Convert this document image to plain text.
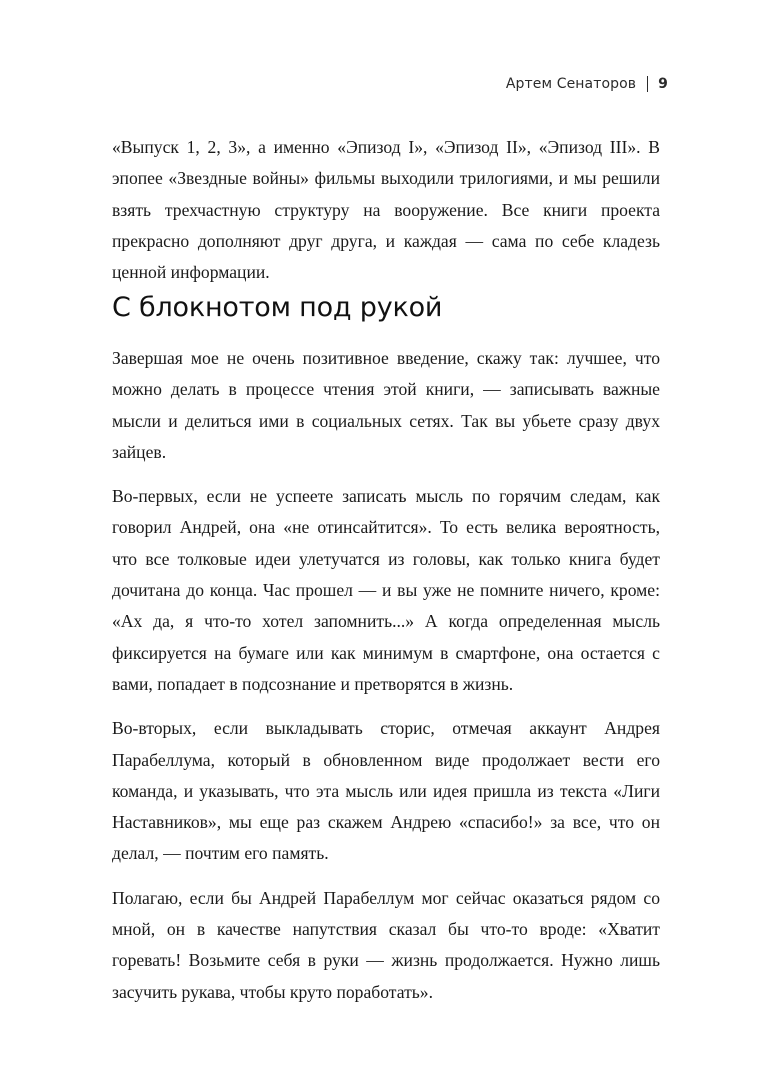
Артем Сенаторов 9

«Выпуск 1, 2, 3», а именно «Эпизод I», «Эпизод II», «Эпизод III». В эпопее «Звездные войны» фильмы выходили трилогиями, и мы решили взять трехчастную структуру на вооружение. Все книги проекта прекрасно дополняют друг друга, и каждая — сама по себе кладезь ценной информации.

С блокнотом под рукой

Завершая мое не очень позитивное введение, скажу так: лучшее, что можно делать в процессе чтения этой книги, — записывать важные мысли и делиться ими в социальных сетях. Так вы убьете сразу двух зайцев.

Во-первых, если не успеете записать мысль по горячим следам, как говорил Андрей, она «не отинсайтится». То есть велика вероятность, что все толковые идеи улетучатся из головы, как только книга будет дочитана до конца. Час прошел — и вы уже не помните ничего, кроме: «Ах да, я что-то хотел запомнить...» А когда определенная мысль фиксируется на бумаге или как минимум в смартфоне, она остается с вами, попадает в подсознание и претворятся в жизнь.

Во-вторых, если выкладывать сторис, отмечая аккаунт Андрея Парабеллума, который в обновленном виде продолжает вести его команда, и указывать, что эта мысль или идея пришла из текста «Лиги Наставников», мы еще раз скажем Андрею «спасибо!» за все, что он делал, — почтим его память.

Полагаю, если бы Андрей Парабеллум мог сейчас оказаться рядом со мной, он в качестве напутствия сказал бы что-то вроде: «Хватит горевать! Возьмите себя в руки — жизнь продолжается. Нужно лишь засучить рукава, чтобы круто поработать».
